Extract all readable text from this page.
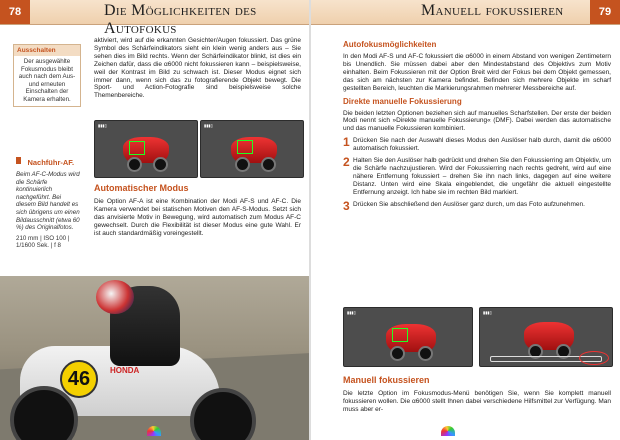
78	Die Möglichkeiten des Autofokus
Ausschalten
Der ausgewählte Fokusmodus bleibt auch nach dem Aus- und erneuten Einschalten der Kamera erhalten.
Nachführ-AF.
Beim AF-C-Modus wird die Schärfe kontinuierlich nachgeführt. Bei diesem Bild handelt es sich übrigens um einen Bildausschnitt (etwa 60 %) des Originalfotos.
210 mm | ISO 100 | 1/1600 Sek. | f 8

aktiviert, wird auf die erkannten Gesichter/Augen fokussiert. Das grüne Symbol des Schärfeindikators sieht ein klein wenig anders aus – Sie sehen dies im Bild rechts. Wenn der Schärfeindikator blinkt, ist dies ein Zeichen dafür, dass die α6000 nicht fokussieren kann – beispielsweise, weil der Kontrast im Bild zu schwach ist. Dieser Modus eignet sich immer dann, wenn sich das zu fotografierende Objekt bewegt. Die Sport- und Action-Fotografie sind beispielsweise solche Themenbereiche.

▮▮▮▯	▮▮▮▯
Automatischer Modus

Die Option AF-A ist eine Kombination der Modi AF-S und AF-C. Die Kamera verwendet bei statischen Motiven den AF-S-Modus. Setzt sich das anvisierte Motiv in Bewegung, wird automatisch zum Modus AF-C gewechselt. Durch die Flexibilität ist dieser Modus eine gute Wahl. Er ist auch standardmäßig voreingestellt.

46	HONDA
Manuell fokussieren	79
Autofokusmöglichkeiten

In den Modi AF-S und AF-C fokussiert die α6000 in einem Abstand von wenigen Zentimetern bis Unendlich. Sie müssen dabei aber den Mindestabstand des Objektivs zum Motiv einhalten. Beim Fokussieren mit der Option Breit wird der Fokus bei dem Objekt gemessen, das sich am nächsten zur Kamera befindet. Befinden sich mehrere Objekte im scharf gestellten Bereich, leuchten die Markierungsrahmen mehrerer Messbereiche auf.

Direkte manuelle Fokussierung

Die beiden letzten Optionen beziehen sich auf manuelles Scharfstellen. Der erste der beiden Modi nennt sich »Direkte manuelle Fokussierung« (DMF). Dabei werden das automatische und das manuelle Fokussieren kombiniert.

1 Drücken Sie nach der Auswahl dieses Modus den Auslöser halb durch, damit die α6000 automatisch fokussiert.
2 Halten Sie den Auslöser halb gedrückt und drehen Sie den Fokussierring am Objektiv, um die Schärfe nachzujustieren. Wird der Fokussierring nach rechts gedreht, wird auf eine nähere Entfernung fokussiert – drehen Sie ihn nach links, dagegen auf eine weitere Distanz. Unten wird eine Skala eingeblendet, die ungefähr die aktuell eingestellte Entfernung anzeigt. Ich habe sie im rechten Bild markiert.
3 Drücken Sie abschließend den Auslöser ganz durch, um das Foto aufzunehmen.
▮▮▮▯	▮▮▮▯
Manuell fokussieren

Die letzte Option im Fokusmodus-Menü benötigen Sie, wenn Sie komplett manuell fokussieren wollen. Die α6000 stellt Ihnen dabei verschiedene Hilfsmittel zur Verfügung. Man muss aber er-
